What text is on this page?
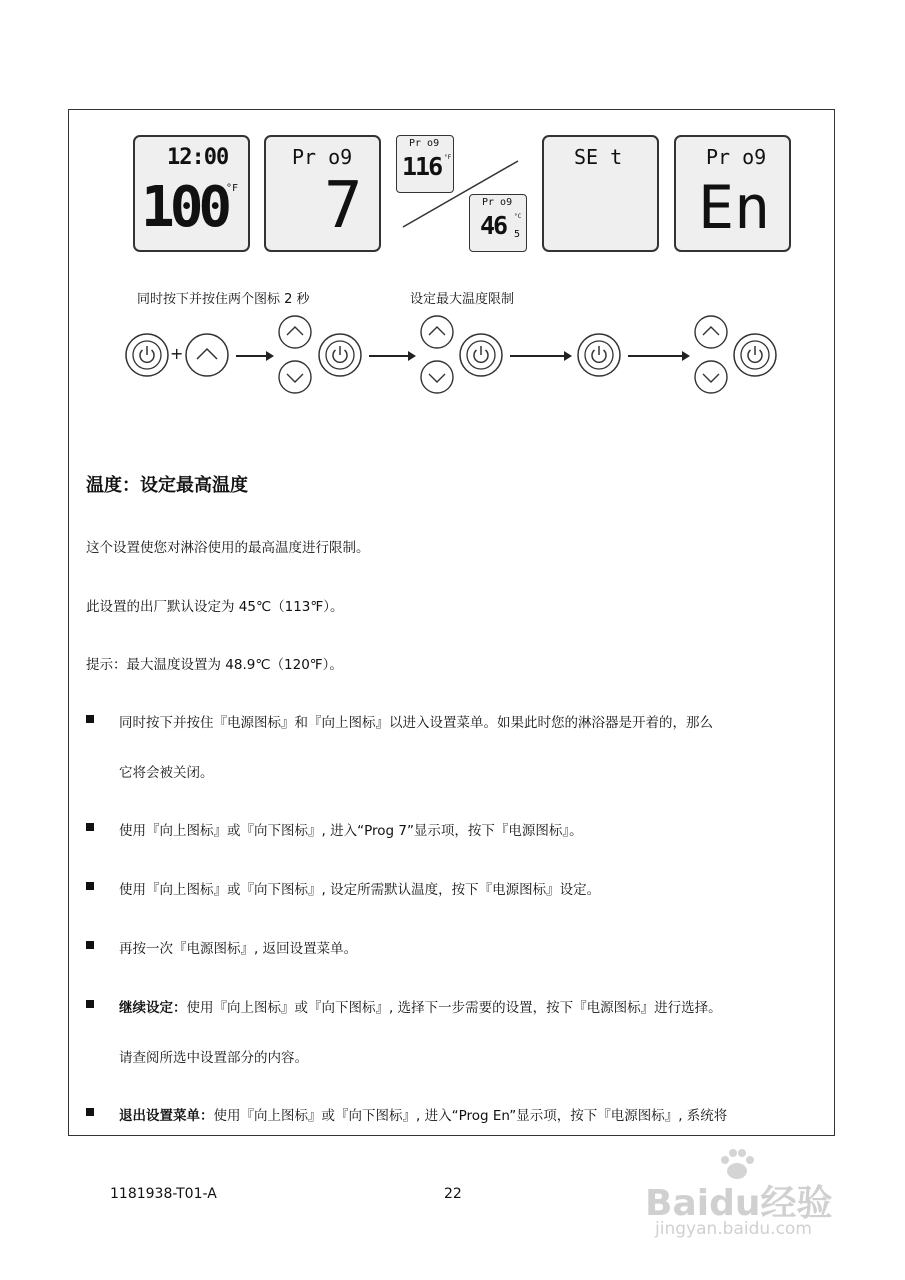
12:00
100
°F
Pr o9
7
Pr o9
116 °F
Pr o9
46 °C
5
SE t	Pr o9
En
同时按下并按住两个图标 2 秒	设定最大温度限制
+
温度：设定最高温度
这个设置使您对淋浴使用的最高温度进行限制。
此设置的出厂默认设定为 45℃（113℉）。
提示：最大温度设置为 48.9℃（120℉）。
同时按下并按住『电源图标』和『向上图标』以进入设置菜单。如果此时您的淋浴器是开着的，那么
它将会被关闭。
使用『向上图标』或『向下图标』, 进入“Prog 7”显示项，按下『电源图标』。
使用『向上图标』或『向下图标』, 设定所需默认温度，按下『电源图标』设定。
再按一次『电源图标』, 返回设置菜单。
继续设定：使用『向上图标』或『向下图标』, 选择下一步需要的设置，按下『电源图标』进行选择。
请查阅所选中设置部分的内容。
退出设置菜单：使用『向上图标』或『向下图标』, 进入“Prog En”显示项，按下『电源图标』, 系统将
1181938-T01-A	22	Baidu经验
jingyan.baidu.com
